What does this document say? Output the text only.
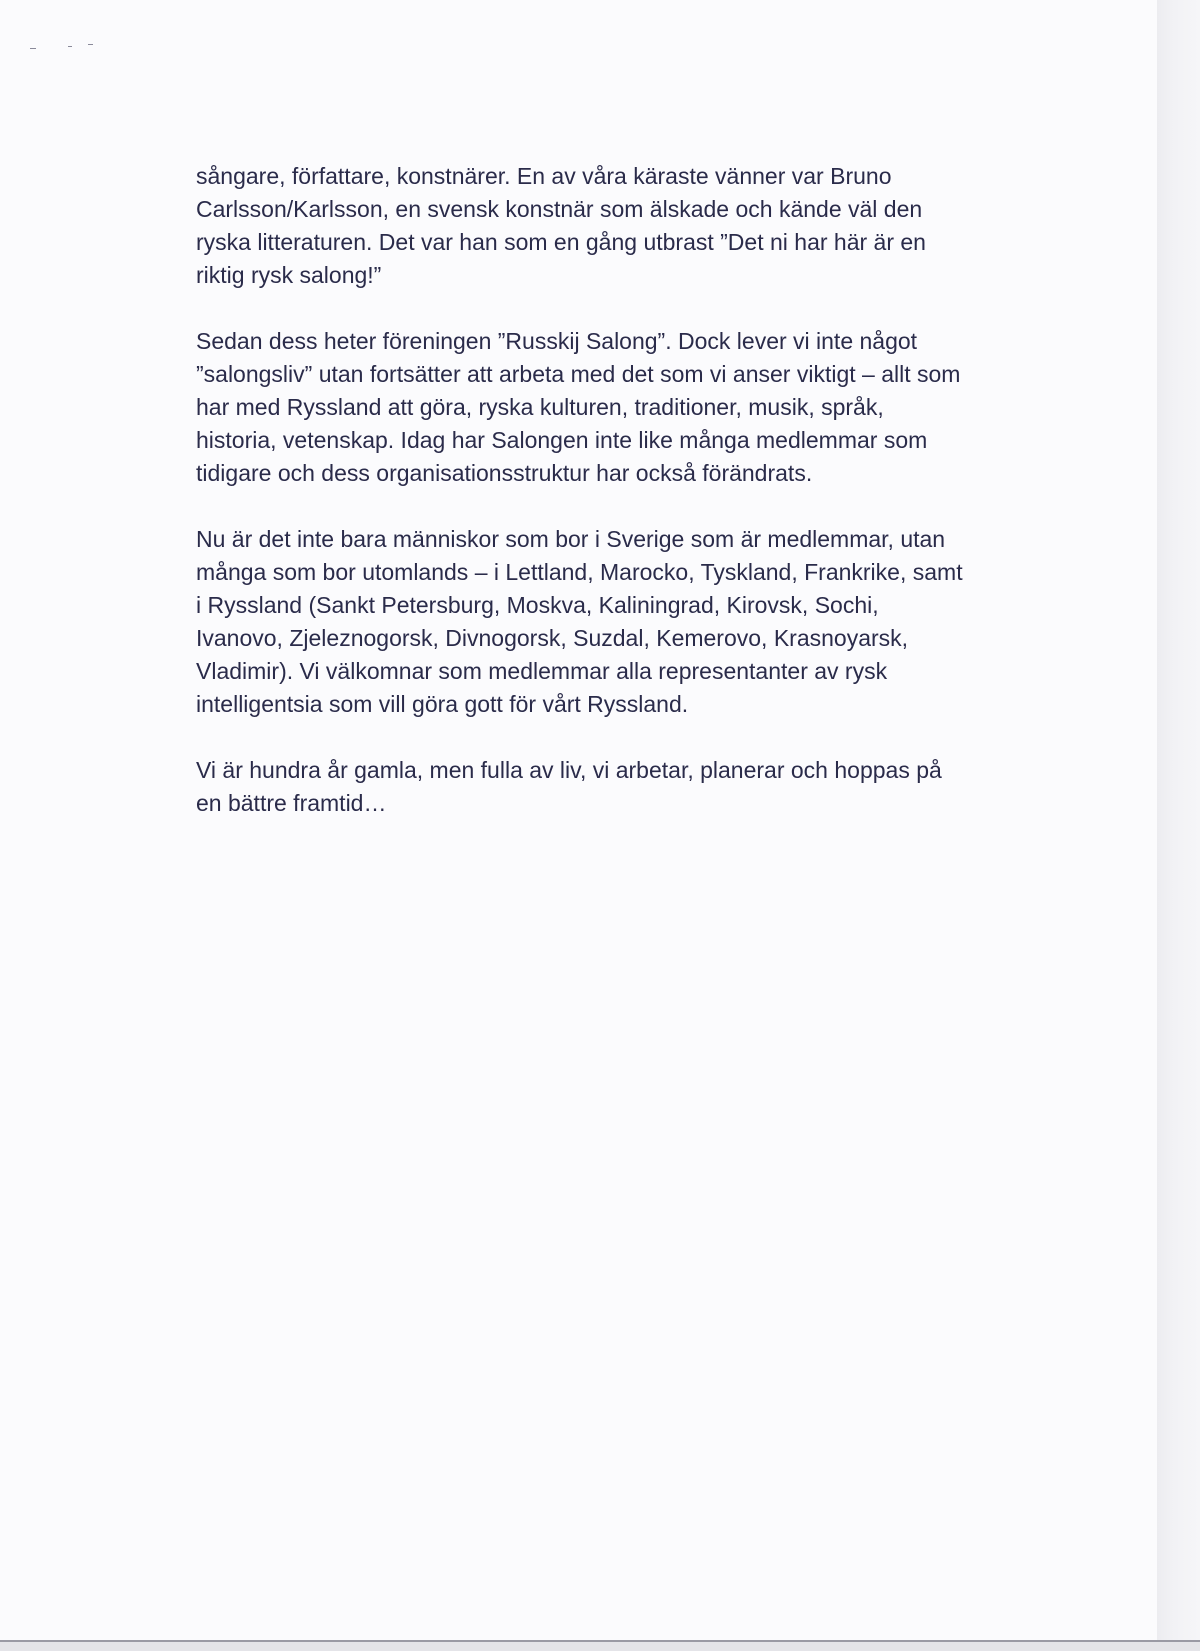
sångare, författare, konstnärer. En av våra käraste vänner var Bruno
Carlsson/Karlsson, en svensk konstnär som älskade och kände väl den
ryska litteraturen. Det var han som en gång utbrast ”Det ni har här är en
riktig rysk salong!”

Sedan dess heter föreningen ”Russkij Salong”. Dock lever vi inte något
”salongsliv” utan fortsätter att arbeta med det som vi anser viktigt – allt som
har med Ryssland att göra, ryska kulturen, traditioner, musik, språk,
historia, vetenskap. Idag har Salongen inte like många medlemmar som
tidigare och dess organisationsstruktur har också förändrats.

Nu är det inte bara människor som bor i Sverige som är medlemmar, utan
många som bor utomlands – i Lettland, Marocko, Tyskland, Frankrike, samt
i Ryssland (Sankt Petersburg, Moskva, Kaliningrad, Kirovsk, Sochi,
Ivanovo, Zjeleznogorsk, Divnogorsk, Suzdal, Kemerovo, Krasnoyarsk,
Vladimir). Vi välkomnar som medlemmar alla representanter av rysk
intelligentsia som vill göra gott för vårt Ryssland.

Vi är hundra år gamla, men fulla av liv, vi arbetar, planerar och hoppas på
en bättre framtid…
